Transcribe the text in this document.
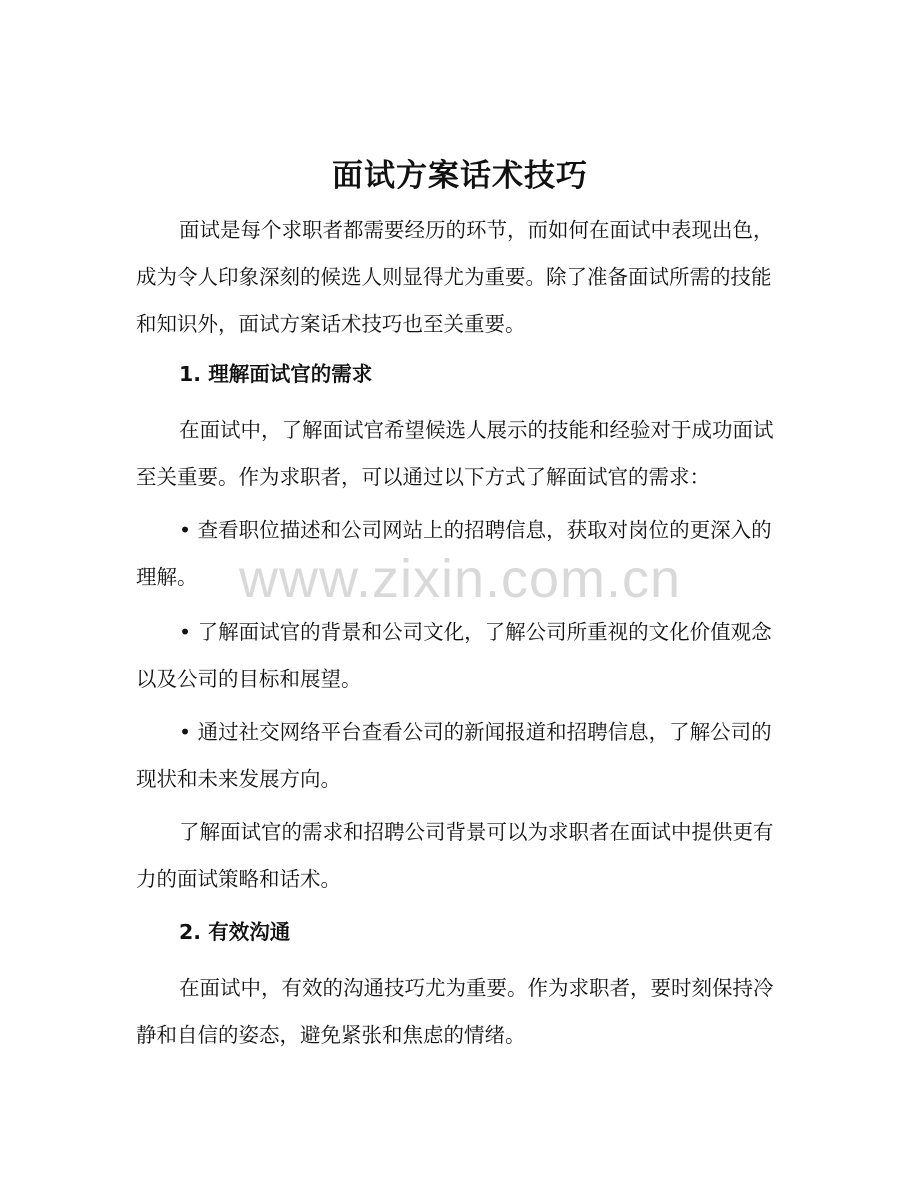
面试方案话术技巧
面试是每个求职者都需要经历的环节，而如何在面试中表现出色，成为令人印象深刻的候选人则显得尤为重要。除了准备面试所需的技能和知识外，面试方案话术技巧也至关重要。
1. 理解面试官的需求
在面试中，了解面试官希望候选人展示的技能和经验对于成功面试至关重要。作为求职者，可以通过以下方式了解面试官的需求：
• 查看职位描述和公司网站上的招聘信息，获取对岗位的更深入的理解。
• 了解面试官的背景和公司文化，了解公司所重视的文化价值观念以及公司的目标和展望。
• 通过社交网络平台查看公司的新闻报道和招聘信息，了解公司的现状和未来发展方向。
了解面试官的需求和招聘公司背景可以为求职者在面试中提供更有力的面试策略和话术。
2. 有效沟通
在面试中，有效的沟通技巧尤为重要。作为求职者，要时刻保持冷静和自信的姿态，避免紧张和焦虑的情绪。
www.zixin.com.cn
